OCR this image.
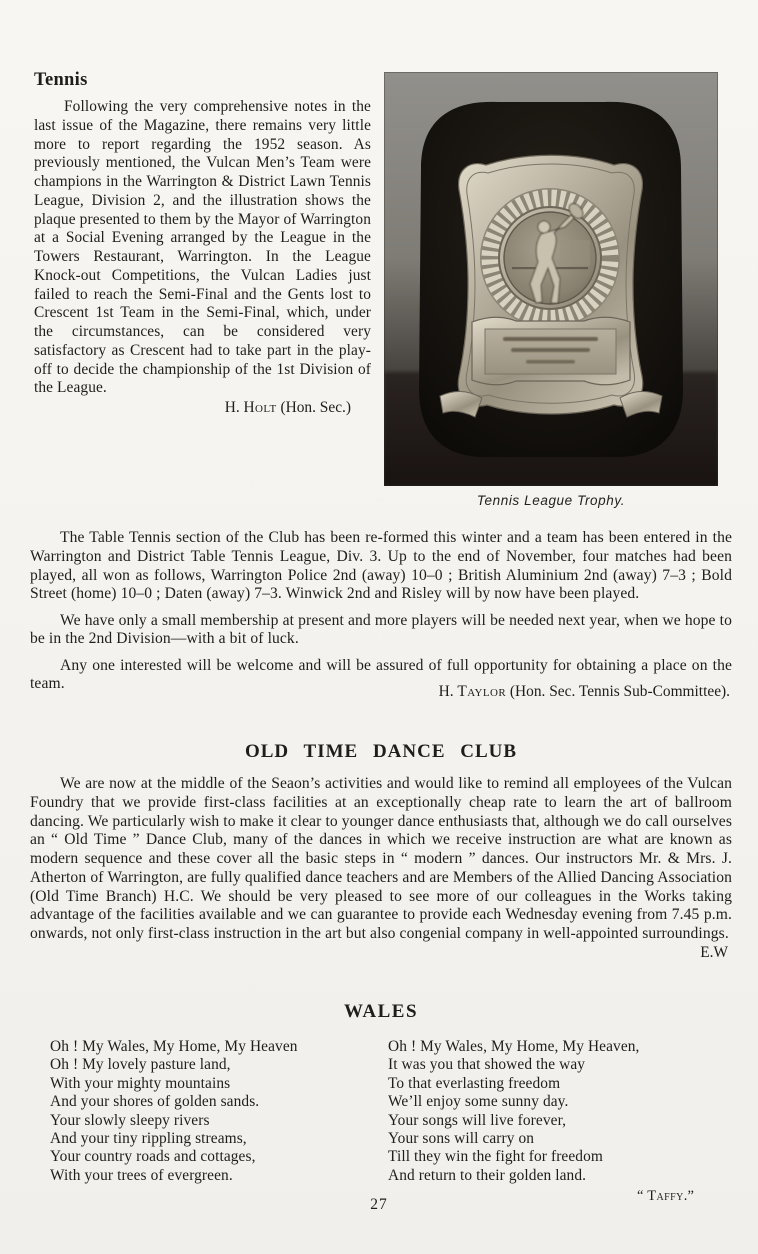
Tennis

Following the very comprehensive notes in the last issue of the Magazine, there remains very little more to report regarding the 1952 season. As previously mentioned, the Vulcan Men’s Team were champions in the Warrington & District Lawn Tennis League, Division 2, and the illustration shows the plaque presented to them by the Mayor of Warrington at a Social Evening arranged by the League in the Towers Restaurant, Warrington. In the League Knock-out Competitions, the Vulcan Ladies just failed to reach the Semi-Final and the Gents lost to Crescent 1st Team in the Semi-Final, which, under the circumstances, can be considered very satisfactory as Crescent had to take part in the play-off to decide the championship of the 1st Division of the League.

H. Holt (Hon. Sec.)
Tennis League Trophy.

The Table Tennis section of the Club has been re-formed this winter and a team has been entered in the Warrington and District Table Tennis League, Div. 3. Up to the end of November, four matches had been played, all won as follows, Warrington Police 2nd (away) 10–0 ; British Aluminium 2nd (away) 7–3 ; Bold Street (home) 10–0 ; Daten (away) 7–3. Winwick 2nd and Risley will by now have been played.

We have only a small membership at present and more players will be needed next year, when we hope to be in the 2nd Division—with a bit of luck.

Any one interested will be welcome and will be assured of full opportunity for obtaining a place on the team.	H. Taylor (Hon. Sec. Tennis Sub-Committee).
OLD TIME DANCE CLUB

We are now at the middle of the Seaon’s activities and would like to remind all employees of the Vulcan Foundry that we provide first-class facilities at an exceptionally cheap rate to learn the art of ballroom dancing. We particularly wish to make it clear to younger dance enthusiasts that, although we do call ourselves an “ Old Time ” Dance Club, many of the dances in which we receive instruction are what are known as modern sequence and these cover all the basic steps in “ modern ” dances. Our instructors Mr. & Mrs. J. Atherton of Warrington, are fully qualified dance teachers and are Members of the Allied Dancing Association (Old Time Branch) H.C. We should be very pleased to see more of our colleagues in the Works taking advantage of the facilities available and we can guarantee to provide each Wednesday evening from 7.45 p.m. onwards, not only first-class instruction in the art but also congenial company in well-appointed surroundings.

E.W
WALES
Oh ! My Wales, My Home, My Heaven
Oh ! My lovely pasture land,
With your mighty mountains
And your shores of golden sands.
Your slowly sleepy rivers
And your tiny rippling streams,
Your country roads and cottages,
With your trees of evergreen.
Oh ! My Wales, My Home, My Heaven,
It was you that showed the way
To that everlasting freedom
We’ll enjoy some sunny day.
Your songs will live forever,
Your sons will carry on
Till they win the fight for freedom
And return to their golden land.
“ Taffy.”
27
